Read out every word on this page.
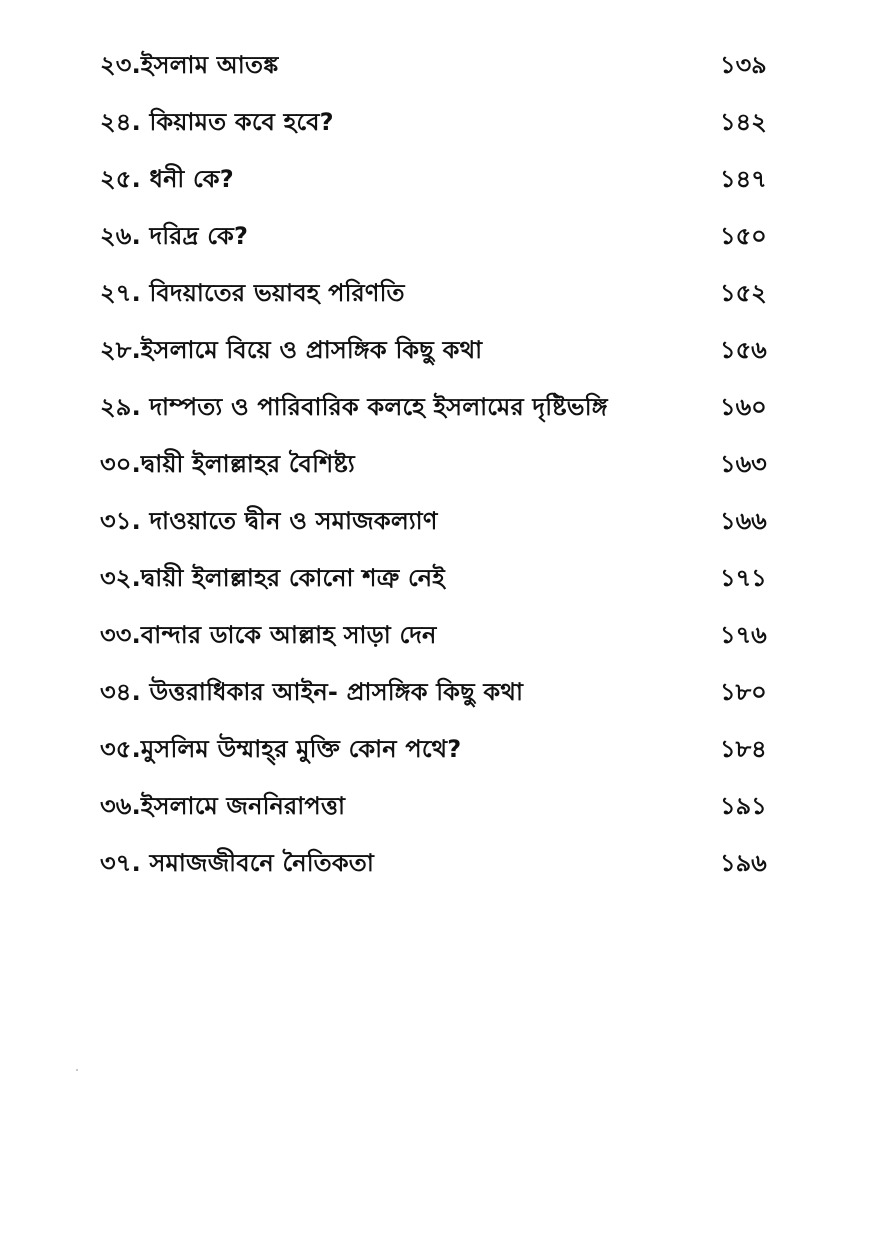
২৩.ইসলাম আতঙ্ক	১৩৯
২৪. কিয়ামত কবে হবে?	১৪২
২৫. ধনী কে?	১৪৭
২৬. দরিদ্র কে?	১৫০
২৭. বিদয়াতের ভয়াবহ পরিণতি	১৫২
২৮.ইসলামে বিয়ে ও প্রাসঙ্গিক কিছু কথা	১৫৬
২৯. দাম্পত্য ও পারিবারিক কলহে ইসলামের দৃষ্টিভঙ্গি	১৬০
৩০.দ্বায়ী ইলাল্লাহর বৈশিষ্ট্য	১৬৩
৩১. দাওয়াতে দ্বীন ও সমাজকল্যাণ	১৬৬
৩২.দ্বায়ী ইলাল্লাহর কোনো শত্রু নেই	১৭১
৩৩.বান্দার ডাকে আল্লাহ সাড়া দেন	১৭৬
৩৪. উত্তরাধিকার আইন- প্রাসঙ্গিক কিছু কথা	১৮০
৩৫.মুসলিম উম্মাহ্‌র মুক্তি কোন পথে?	১৮৪
৩৬.ইসলামে জননিরাপত্তা	১৯১
৩৭. সমাজজীবনে নৈতিকতা	১৯৬
